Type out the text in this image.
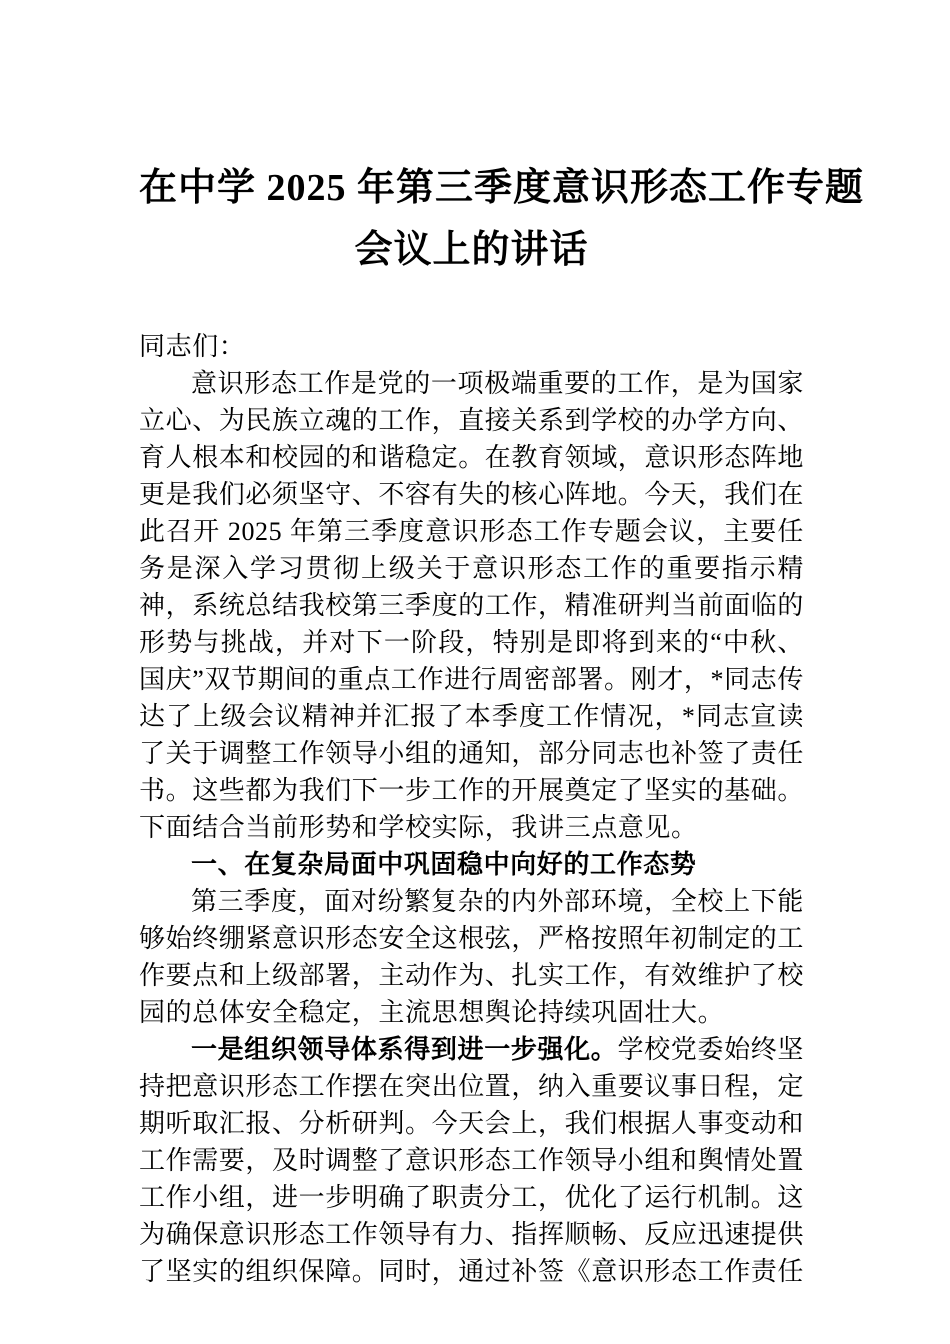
在中学 2025 年第三季度意识形态工作专题
会议上的讲话

同志们：

意识形态工作是党的一项极端重要的工作，是为国家立心、为民族立魂的工作，直接关系到学校的办学方向、育人根本和校园的和谐稳定。在教育领域，意识形态阵地更是我们必须坚守、不容有失的核心阵地。今天，我们在此召开 2025 年第三季度意识形态工作专题会议，主要任务是深入学习贯彻上级关于意识形态工作的重要指示精神，系统总结我校第三季度的工作，精准研判当前面临的形势与挑战，并对下一阶段，特别是即将到来的“中秋、国庆”双节期间的重点工作进行周密部署。刚才，*同志传达了上级会议精神并汇报了本季度工作情况，*同志宣读了关于调整工作领导小组的通知，部分同志也补签了责任书。这些都为我们下一步工作的开展奠定了坚实的基础。下面结合当前形势和学校实际，我讲三点意见。

一、在复杂局面中巩固稳中向好的工作态势

第三季度，面对纷繁复杂的内外部环境，全校上下能够始终绷紧意识形态安全这根弦，严格按照年初制定的工作要点和上级部署，主动作为、扎实工作，有效维护了校园的总体安全稳定，主流思想舆论持续巩固壮大。

一是组织领导体系得到进一步强化。学校党委始终坚持把意识形态工作摆在突出位置，纳入重要议事日程，定期听取汇报、分析研判。今天会上，我们根据人事变动和工作需要，及时调整了意识形态工作领导小组和舆情处置工作小组，进一步明确了职责分工，优化了运行机制。这为确保意识形态工作领导有力、指挥顺畅、反应迅速提供了坚实的组织保障。同时，通过补签《意识形态工作责任
